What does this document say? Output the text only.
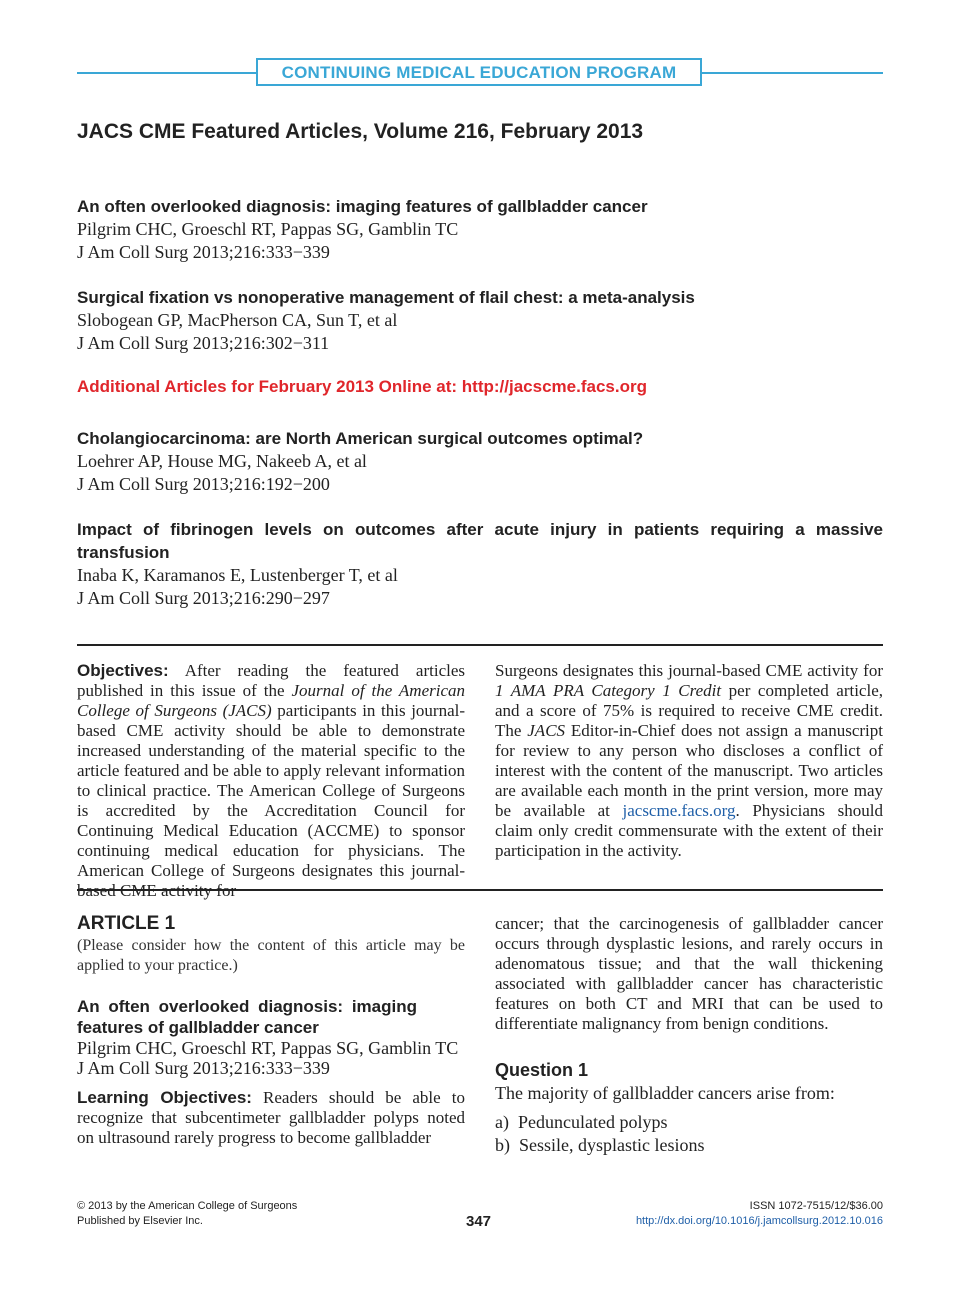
CONTINUING MEDICAL EDUCATION PROGRAM
JACS CME Featured Articles, Volume 216, February 2013
An often overlooked diagnosis: imaging features of gallbladder cancer
Pilgrim CHC, Groeschl RT, Pappas SG, Gamblin TC
J Am Coll Surg 2013;216:333−339
Surgical fixation vs nonoperative management of flail chest: a meta-analysis
Slobogean GP, MacPherson CA, Sun T, et al
J Am Coll Surg 2013;216:302−311
Additional Articles for February 2013 Online at: http://jacscme.facs.org
Cholangiocarcinoma: are North American surgical outcomes optimal?
Loehrer AP, House MG, Nakeeb A, et al
J Am Coll Surg 2013;216:192−200
Impact of fibrinogen levels on outcomes after acute injury in patients requiring a massive transfusion
Inaba K, Karamanos E, Lustenberger T, et al
J Am Coll Surg 2013;216:290−297

Objectives: After reading the featured articles published in this issue of the Journal of the American College of Surgeons (JACS) participants in this journal-based CME activity should be able to demonstrate increased understanding of the material specific to the article featured and be able to apply relevant information to clinical practice. The American College of Surgeons is accredited by the Accreditation Council for Continuing Medical Education (ACCME) to sponsor continuing medical education for physicians. The American College of Surgeons designates this journal-based CME activity for

Surgeons designates this journal-based CME activity for 1 AMA PRA Category 1 Credit per completed article, and a score of 75% is required to receive CME credit. The JACS Editor-in-Chief does not assign a manuscript for review to any person who discloses a conflict of interest with the content of the manuscript. Two articles are available each month in the print version, more may be available at jacscme.facs.org. Physicians should claim only credit commensurate with the extent of their participation in the activity.

ARTICLE 1
(Please consider how the content of this article may be applied to your practice.)
An often overlooked diagnosis: imaging features of gallbladder cancer
Pilgrim CHC, Groeschl RT, Pappas SG, Gamblin TC
J Am Coll Surg 2013;216:333−339

Learning Objectives: Readers should be able to recognize that subcentimeter gallbladder polyps noted on ultrasound rarely progress to become gallbladder

cancer; that the carcinogenesis of gallbladder cancer occurs through dysplastic lesions, and rarely occurs in adenomatous tissue; and that the wall thickening associated with gallbladder cancer has characteristic features on both CT and MRI that can be used to differentiate malignancy from benign conditions.

Question 1
The majority of gallbladder cancers arise from:
a) Pedunculated polyps
b) Sessile, dysplastic lesions
© 2013 by the American College of Surgeons
Published by Elsevier Inc.	347
ISSN 1072-7515/12/$36.00
http://dx.doi.org/10.1016/j.jamcollsurg.2012.10.016
